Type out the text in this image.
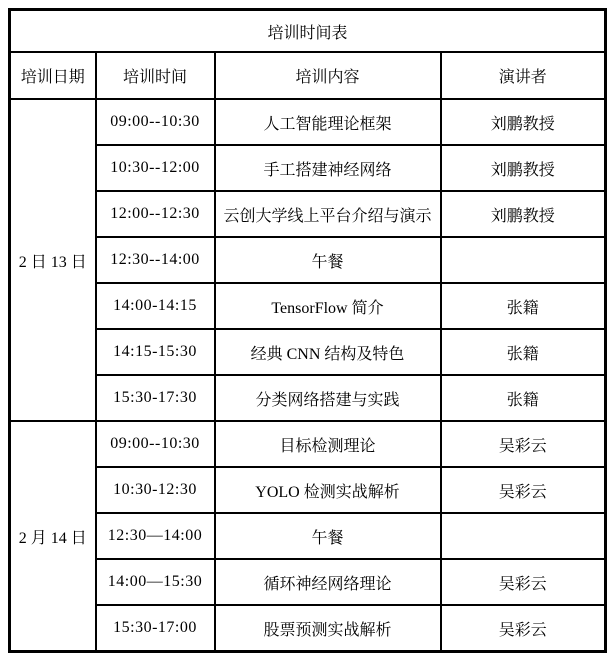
培训时间表			
培训日期	培训时间	培训内容	演讲者
2 日 13 日	09:00--10:30	人工智能理论框架	刘鹏教授
	10:30--12:00	手工搭建神经网络	刘鹏教授
	12:00--12:30	云创大学线上平台介绍与演示	刘鹏教授
	12:30--14:00	午餐	
	14:00-14:15	TensorFlow 简介	张籍
	14:15-15:30	经典 CNN 结构及特色	张籍
	15:30-17:30	分类网络搭建与实践	张籍
2 月 14 日	09:00--10:30	目标检测理论	吴彩云
	10:30-12:30	YOLO 检测实战解析	吴彩云
	12:30—14:00	午餐	
	14:00—15:30	循环神经网络理论	吴彩云
	15:30-17:00	股票预测实战解析	吴彩云
